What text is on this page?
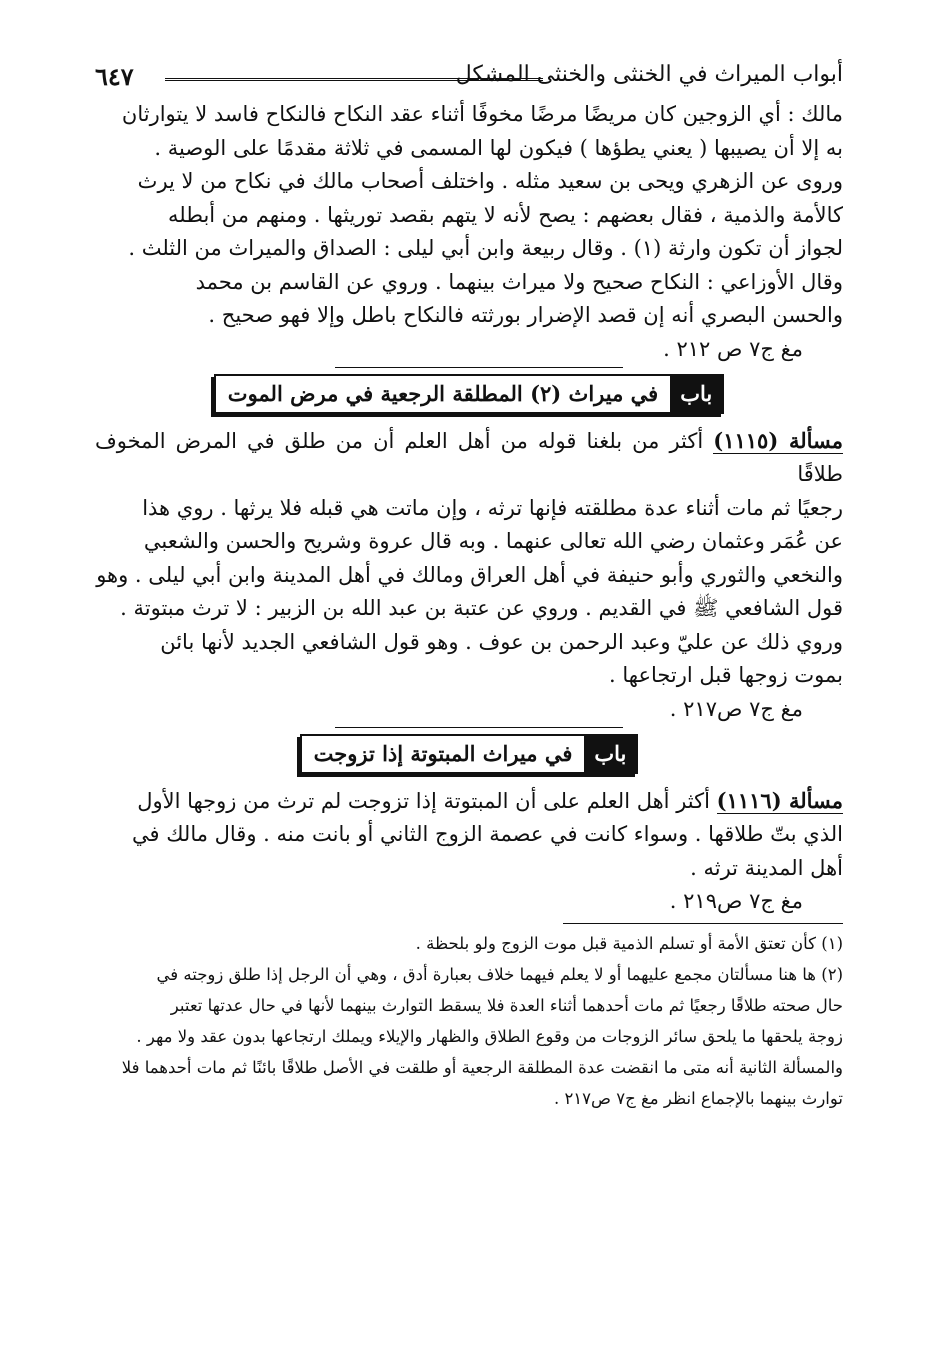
أبواب الميراث في الخنثى والخنثى المشكل
٦٤٧

مالك : أي الزوجين كان مريضًا مرضًا مخوفًا أثناء عقد النكاح فالنكاح فاسد لا يتوارثان

به إلا أن يصيبها ( يعني يطؤها ) فيكون لها المسمى في ثلاثة مقدمًا على الوصية .

وروى عن الزهري ويحى بن سعيد مثله . واختلف أصحاب مالك في نكاح من لا يرث

كالأمة والذمية ، فقال بعضهم : يصح لأنه لا يتهم بقصد توريثها . ومنهم من أبطله

لجواز أن تكون وارثة (١) . وقال ربيعة وابن أبي ليلى : الصداق والميراث من الثلث .

وقال الأوزاعي : النكاح صحيح ولا ميراث بينهما . وروي عن القاسم بن محمد

والحسن البصري أنه إن قصد الإضرار بورثته فالنكاح باطل وإلا فهو صحيح .

مغ ج٧ ص ٢١٢ .
باب
في ميراث (٢) المطلقة الرجعية في مرض الموت

مسألة (١١١٥) أكثر من بلغنا قوله من أهل العلم أن من طلق في المرض المخوف طلاقًا

رجعيًا ثم مات أثناء عدة مطلقته فإنها ترثه ، وإن ماتت هي قبله فلا يرثها . روي هذا

عن عُمَر وعثمان رضي الله تعالى عنهما . وبه قال عروة وشريح والحسن والشعبي

والنخعي والثوري وأبو حنيفة في أهل العراق ومالك في أهل المدينة وابن أبي ليلى . وهو

قول الشافعي ﷺ في القديم . وروي عن عتبة بن عبد الله بن الزبير : لا ترث مبتوتة .

وروي ذلك عن عليّ وعبد الرحمن بن عوف . وهو قول الشافعي الجديد لأنها بائن

بموت زوجها قبل ارتجاعها .

مغ ج٧ ص٢١٧ .
باب
في ميراث المبتوتة إذا تزوجت

مسألة (١١١٦) أكثر أهل العلم على أن المبتوتة إذا تزوجت لم ترث من زوجها الأول

الذي بتّ طلاقها . وسواء كانت في عصمة الزوج الثاني أو بانت منه . وقال مالك في

أهل المدينة ترثه .

مغ ج٧ ص٢١٩ .

(١) كأن تعتق الأمة أو تسلم الذمية قبل موت الزوج ولو بلحظة .

(٢) ها هنا مسألتان مجمع عليهما أو لا يعلم فيهما خلاف بعبارة أدق ، وهي أن الرجل إذا طلق زوجته في

حال صحته طلاقًا رجعيًا ثم مات أحدهما أثناء العدة فلا يسقط التوارث بينهما لأنها في حال عدتها تعتبر

زوجة يلحقها ما يلحق سائر الزوجات من وقوع الطلاق والظهار والإيلاء ويملك ارتجاعها بدون عقد ولا مهر .

والمسألة الثانية أنه متى ما انقضت عدة المطلقة الرجعية أو طلقت في الأصل طلاقًا بائنًا ثم مات أحدهما فلا

توارث بينهما بالإجماع انظر مغ ج٧ ص٢١٧ .
